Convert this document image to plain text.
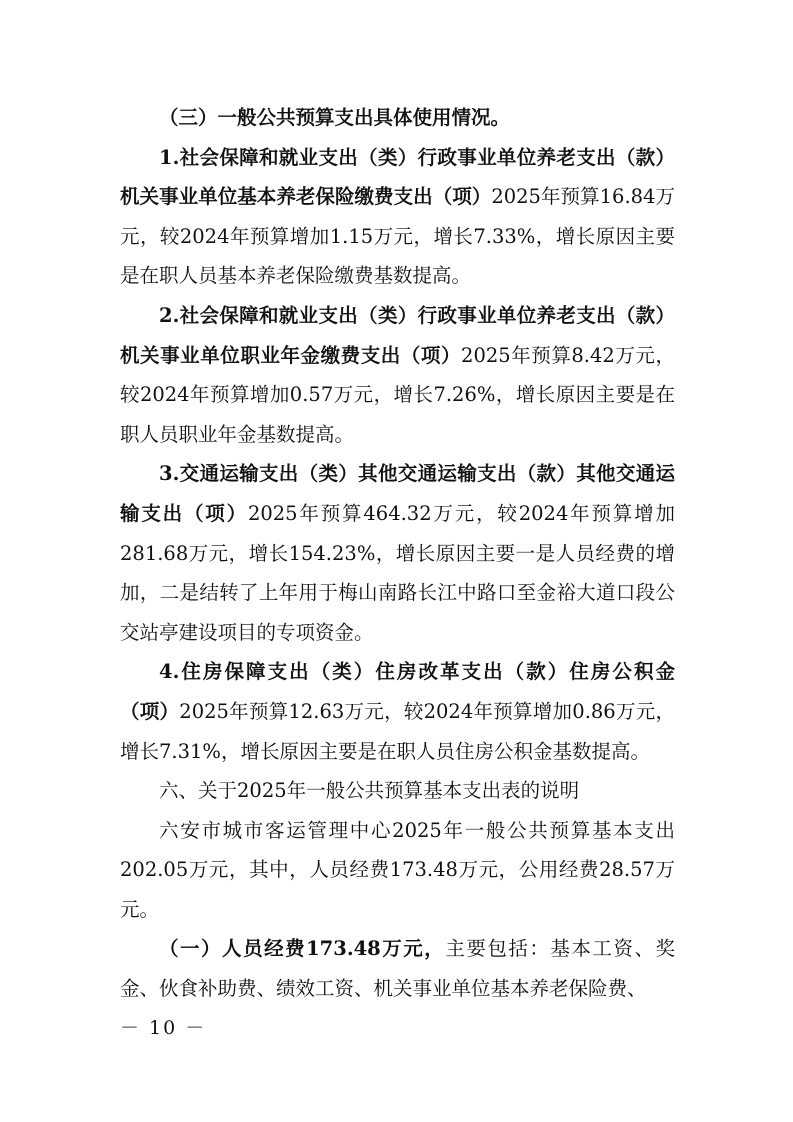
（三）一般公共预算支出具体使用情况。

1.社会保障和就业支出（类）行政事业单位养老支出（款）机关事业单位基本养老保险缴费支出（项）2025年预算16.84万元，较2024年预算增加1.15万元，增长7.33%，增长原因主要是在职人员基本养老保险缴费基数提高。

2.社会保障和就业支出（类）行政事业单位养老支出（款）机关事业单位职业年金缴费支出（项）2025年预算8.42万元，较2024年预算增加0.57万元，增长7.26%，增长原因主要是在职人员职业年金基数提高。

3.交通运输支出（类）其他交通运输支出（款）其他交通运输支出（项）2025年预算464.32万元，较2024年预算增加281.68万元，增长154.23%，增长原因主要一是人员经费的增加，二是结转了上年用于梅山南路长江中路口至金裕大道口段公交站亭建设项目的专项资金。

4.住房保障支出（类）住房改革支出（款）住房公积金（项）2025年预算12.63万元，较2024年预算增加0.86万元，增长7.31%，增长原因主要是在职人员住房公积金基数提高。

六、关于2025年一般公共预算基本支出表的说明

六安市城市客运管理中心2025年一般公共预算基本支出202.05万元，其中，人员经费173.48万元，公用经费28.57万元。

（一）人员经费173.48万元，主要包括：基本工资、奖金、伙食补助费、绩效工资、机关事业单位基本养老保险费、

－ 10 －
